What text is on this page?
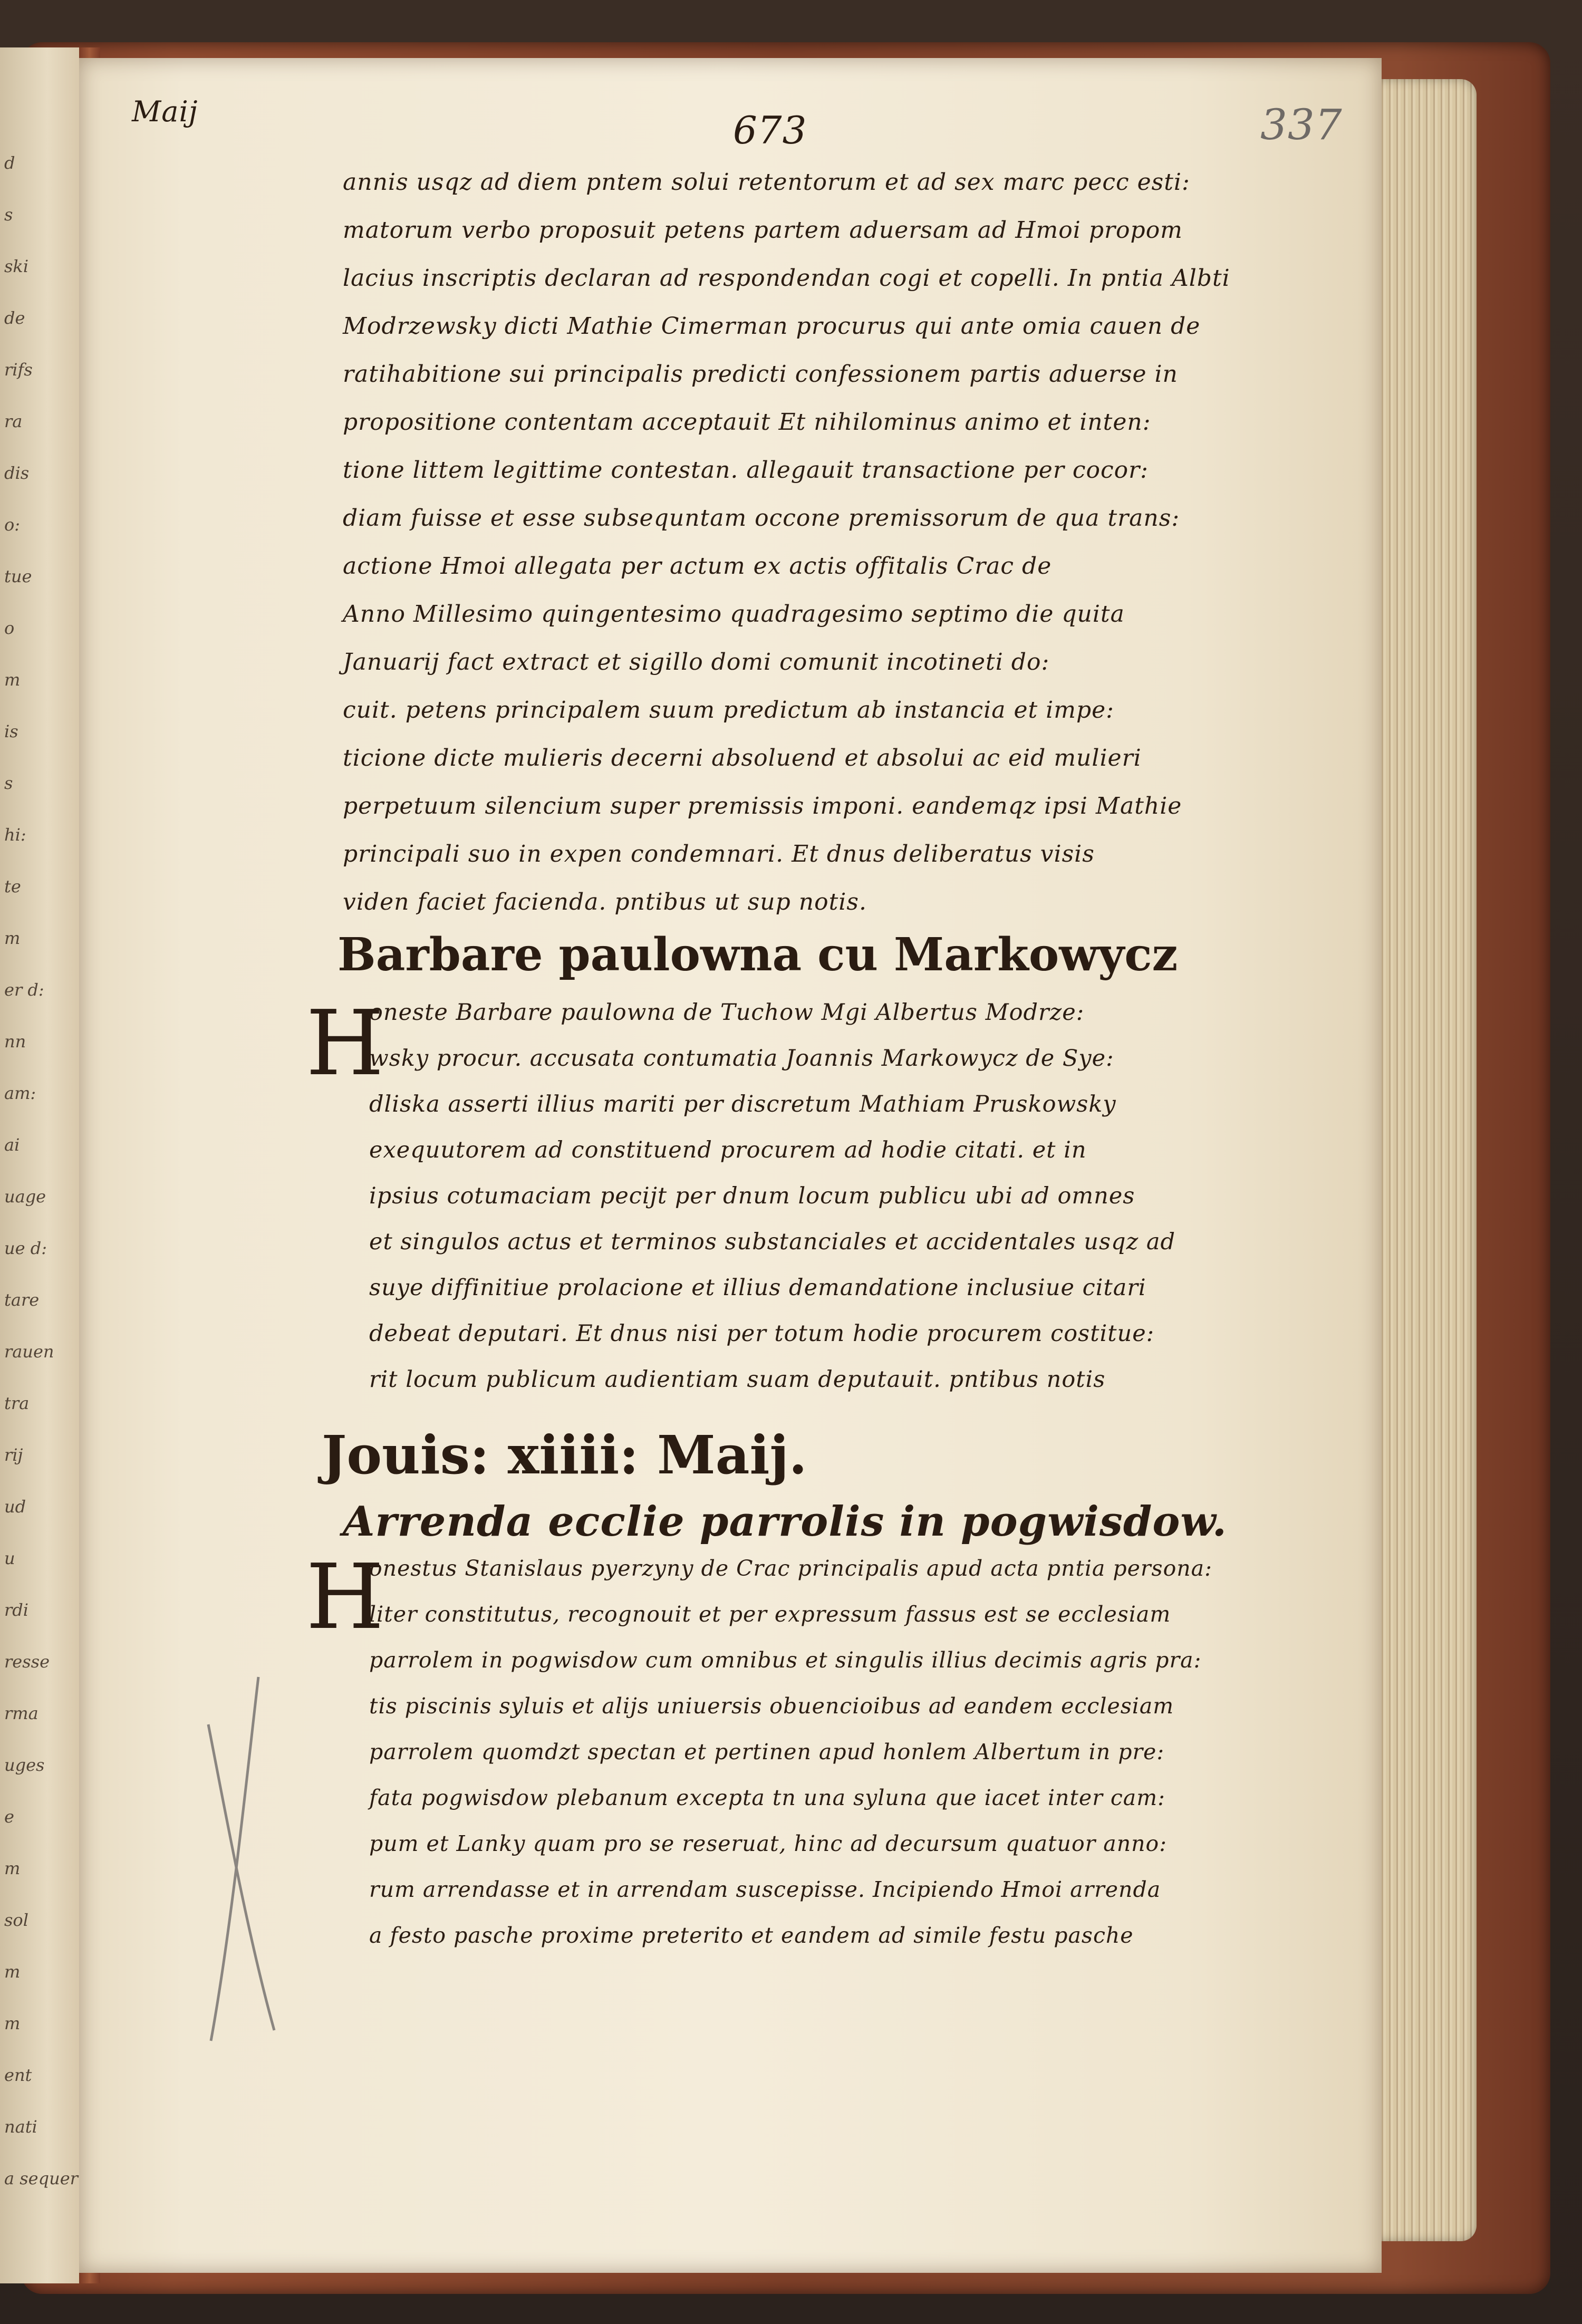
d
s
ski
de
rifs
ra
dis
o:
tue
o
m
is
s
hi:
te
m
er d:
nn
am:
ai
uage
ue d:
tare
rauen
tra
rij
ud
u
rdi
resse
rma
uges
e
m
sol
m
m
ent
nati
a sequer
Maij	673	337
annis usqz ad diem pntem solui retentorum et ad sex marc pecc esti:
matorum verbo proposuit petens partem aduersam ad Hmoi propom
lacius inscriptis declaran ad respondendan cogi et copelli. In pntia Albti
Modrzewsky dicti Mathie Cimerman procurus qui ante omia cauen de
ratihabitione sui principalis predicti confessionem partis aduerse in
propositione contentam acceptauit Et nihilominus animo et inten:
tione littem legittime contestan. allegauit transactione per cocor:
diam fuisse et esse subsequntam occone premissorum de qua trans:
actione Hmoi allegata per actum ex actis offitalis Crac de
Anno Millesimo quingentesimo quadragesimo septimo die quita
Januarij fact extract et sigillo domi comunit incotineti do:
cuit. petens principalem suum predictum ab instancia et impe:
ticione dicte mulieris decerni absoluend et absolui ac eid mulieri
perpetuum silencium super premissis imponi. eandemqz ipsi Mathie
principali suo in expen condemnari. Et dnus deliberatus visis
viden faciet facienda. pntibus ut sup notis.
Barbare paulowna cu Markowycz
H
oneste Barbare paulowna de Tuchow Mgi Albertus Modrze:
wsky procur. accusata contumatia Joannis Markowycz de Sye:
dliska asserti illius mariti per discretum Mathiam Pruskowsky
exequutorem ad constituend procurem ad hodie citati. et in
ipsius cotumaciam pecijt per dnum locum publicu ubi ad omnes
et singulos actus et terminos substanciales et accidentales usqz ad
suye diffinitiue prolacione et illius demandatione inclusiue citari
debeat deputari. Et dnus nisi per totum hodie procurem costitue:
rit locum publicum audientiam suam deputauit. pntibus notis
Jouis: xiiii: Maij.
Arrenda ecclie parrolis in pogwisdow.
H
onestus Stanislaus pyerzyny de Crac principalis apud acta pntia persona:
liter constitutus, recognouit et per expressum fassus est se ecclesiam
parrolem in pogwisdow cum omnibus et singulis illius decimis agris pra:
tis piscinis syluis et alijs uniuersis obuencioibus ad eandem ecclesiam
parrolem quomdzt spectan et pertinen apud honlem Albertum in pre:
fata pogwisdow plebanum excepta tn una syluna que iacet inter cam:
pum et Lanky quam pro se reseruat, hinc ad decursum quatuor anno:
rum arrendasse et in arrendam suscepisse. Incipiendo Hmoi arrenda
a festo pasche proxime preterito et eandem ad simile festu pasche
